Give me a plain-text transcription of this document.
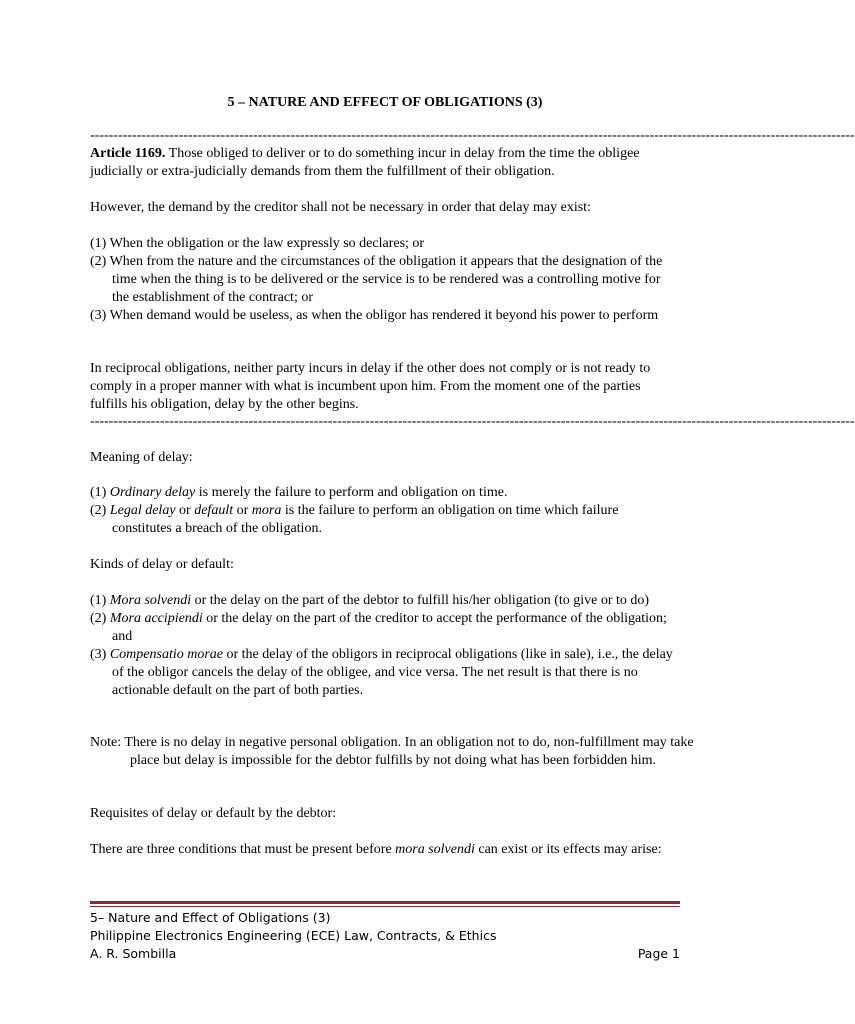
5 – NATURE AND EFFECT OF OBLIGATIONS (3)
--------------------------------------------------------------------------------------------------------------------------------------------------------------------
Article 1169. Those obliged to deliver or to do something incur in delay from the time the obligee judicially or extra-judicially demands from them the fulfillment of their obligation.
However, the demand by the creditor shall not be necessary in order that delay may exist:
(1) When the obligation or the law expressly so declares; or
(2) When from the nature and the circumstances of the obligation it appears that the designation of the time when the thing is to be delivered or the service is to be rendered was a controlling motive for the establishment of the contract; or
(3) When demand would be useless, as when the obligor has rendered it beyond his power to perform
In reciprocal obligations, neither party incurs in delay if the other does not comply or is not ready to comply in a proper manner with what is incumbent upon him. From the moment one of the parties fulfills his obligation, delay by the other begins.
--------------------------------------------------------------------------------------------------------------------------------------------------------------------
Meaning of delay:
(1) Ordinary delay is merely the failure to perform and obligation on time.
(2) Legal delay or default or mora is the failure to perform an obligation on time which failure constitutes a breach of the obligation.
Kinds of delay or default:
(1) Mora solvendi or the delay on the part of the debtor to fulfill his/her obligation (to give or to do)
(2) Mora accipiendi or the delay on the part of the creditor to accept the performance of the obligation; and
(3) Compensatio morae or the delay of the obligors in reciprocal obligations (like in sale), i.e., the delay of the obligor cancels the delay of the obligee, and vice versa. The net result is that there is no actionable default on the part of both parties.
Note: There is no delay in negative personal obligation. In an obligation not to do, non-fulfillment may take place but delay is impossible for the debtor fulfills by not doing what has been forbidden him.
Requisites of delay or default by the debtor:
There are three conditions that must be present before mora solvendi can exist or its effects may arise:
5– Nature and Effect of Obligations (3)
Philippine Electronics Engineering (ECE) Law, Contracts, & Ethics
A. R. Sombilla	Page 1
